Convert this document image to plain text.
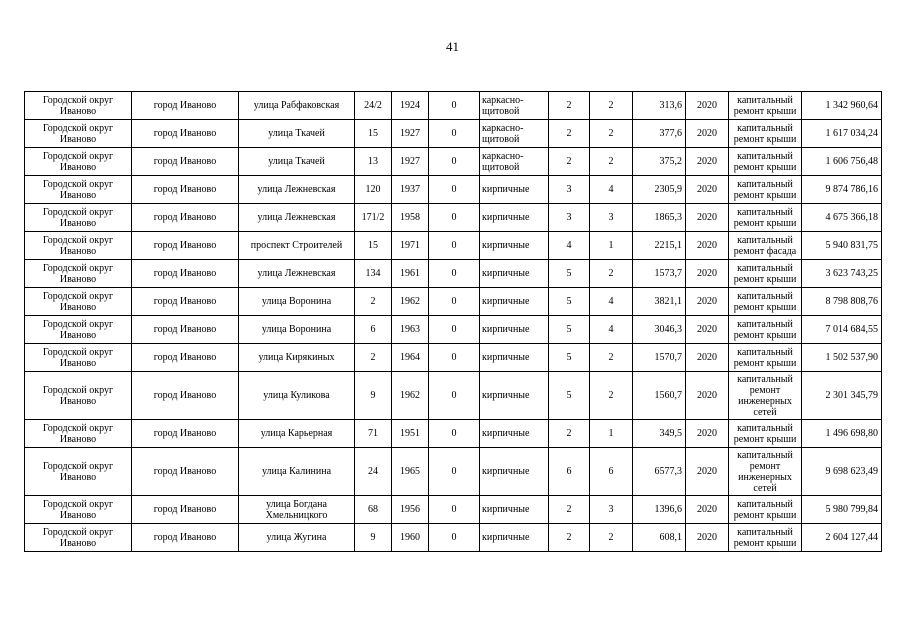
41
Городской округ Иваново	город Иваново	улица Рабфаковская	24/2	1924	0	каркасно-щитовой	2	2	313,6	2020	капитальный ремонт крыши	1 342 960,64
Городской округ Иваново	город Иваново	улица Ткачей	15	1927	0	каркасно-щитовой	2	2	377,6	2020	капитальный ремонт крыши	1 617 034,24
Городской округ Иваново	город Иваново	улица Ткачей	13	1927	0	каркасно-щитовой	2	2	375,2	2020	капитальный ремонт крыши	1 606 756,48
Городской округ Иваново	город Иваново	улица Лежневская	120	1937	0	кирпичные	3	4	2305,9	2020	капитальный ремонт крыши	9 874 786,16
Городской округ Иваново	город Иваново	улица Лежневская	171/2	1958	0	кирпичные	3	3	1865,3	2020	капитальный ремонт крыши	4 675 366,18
Городской округ Иваново	город Иваново	проспект Строителей	15	1971	0	кирпичные	4	1	2215,1	2020	капитальный ремонт фасада	5 940 831,75
Городской округ Иваново	город Иваново	улица Лежневская	134	1961	0	кирпичные	5	2	1573,7	2020	капитальный ремонт крыши	3 623 743,25
Городской округ Иваново	город Иваново	улица Воронина	2	1962	0	кирпичные	5	4	3821,1	2020	капитальный ремонт крыши	8 798 808,76
Городской округ Иваново	город Иваново	улица Воронина	6	1963	0	кирпичные	5	4	3046,3	2020	капитальный ремонт крыши	7 014 684,55
Городской округ Иваново	город Иваново	улица Кирякиных	2	1964	0	кирпичные	5	2	1570,7	2020	капитальный ремонт крыши	1 502 537,90
Городской округ Иваново	город Иваново	улица Куликова	9	1962	0	кирпичные	5	2	1560,7	2020	капитальный ремонт инженерных сетей	2 301 345,79
Городской округ Иваново	город Иваново	улица Карьерная	71	1951	0	кирпичные	2	1	349,5	2020	капитальный ремонт крыши	1 496 698,80
Городской округ Иваново	город Иваново	улица Калинина	24	1965	0	кирпичные	6	6	6577,3	2020	капитальный ремонт инженерных сетей	9 698 623,49
Городской округ Иваново	город Иваново	улица Богдана Хмельницкого	68	1956	0	кирпичные	2	3	1396,6	2020	капитальный ремонт крыши	5 980 799,84
Городской округ Иваново	город Иваново	улица Жугина	9	1960	0	кирпичные	2	2	608,1	2020	капитальный ремонт крыши	2 604 127,44
